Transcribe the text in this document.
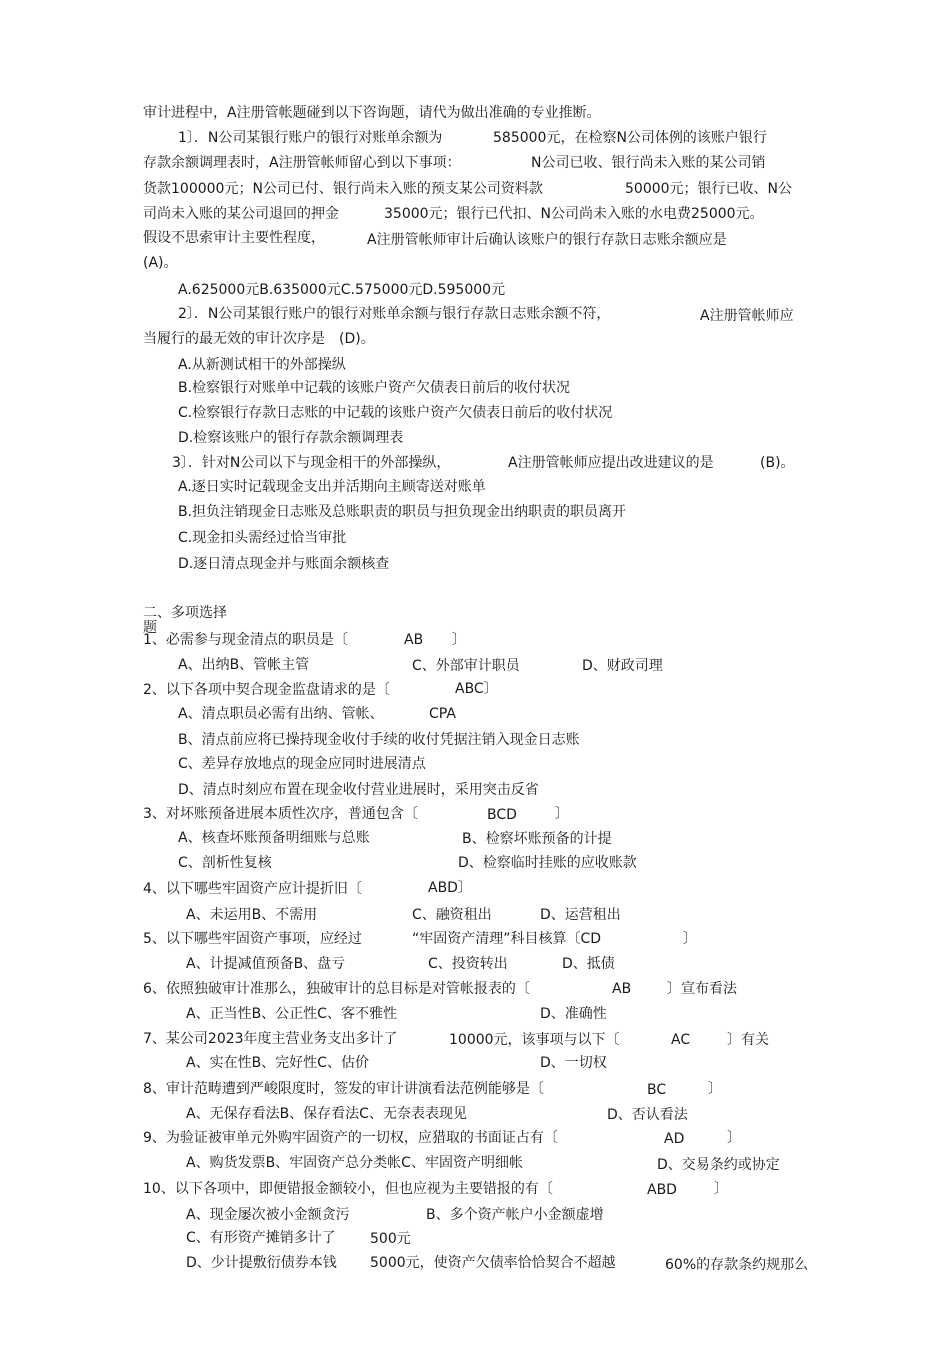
审计进程中，A注册管帐题碰到以下咨询题，请代为做出准确的专业推断。
1〕．N公司某银行账户的银行对账单余额为	585000元，在检察N公司体例的该账户银行
存款余额调理表时，A注册管帐师留心到以下事项：	N公司已收、银行尚未入账的某公司销
货款100000元；N公司已付、银行尚未入账的预支某公司资料款	50000元；银行已收、N公
司尚未入账的某公司退回的押金	35000元；银行已代扣、N公司尚未入账的水电费25000元。
假设不思索审计主要性程度，	A注册管帐师审计后确认该账户的银行存款日志账余额应是
(A)。
A.625000元B.635000元C.575000元D.595000元
2〕．N公司某银行账户的银行对账单余额与银行存款日志账余额不符，	A注册管帐师应
当履行的最无效的审计次序是　(D)。
A.从新测试相干的外部操纵
B.检察银行对账单中记载的该账户资产欠债表日前后的收付状况
C.检察银行存款日志账的中记载的该账户资产欠债表日前后的收付状况
D.检察该账户的银行存款余额调理表
3〕．针对N公司以下与现金相干的外部操纵，	A注册管帐师应提出改进建议的是	(B)。
A.逐日实时记载现金支出并活期向主顾寄送对账单
B.担负注销现金日志账及总账职责的职员与担负现金出纳职责的职员离开
C.现金扣头需经过恰当审批
D.逐日清点现金并与账面余额核查
二、多项选择
题
1、必需参与现金清点的职员是〔	AB 〕
A、出纳B、管帐主管	C、外部审计职员	D、财政司理
2、以下各项中契合现金监盘请求的是〔	ABC〕
A、清点职员必需有出纳、管帐、	CPA
B、清点前应将已操持现金收付手续的收付凭据注销入现金日志账
C、差异存放地点的现金应同时进展清点
D、清点时刻应布置在现金收付营业进展时，采用突击反省
3、对坏账预备进展本质性次序，普通包含〔	BCD	〕
A、核查坏账预备明细账与总账	B、检察坏账预备的计提
C、剖析性复核	D、检察临时挂账的应收账款
4、以下哪些牢固资产应计提折旧〔	ABD〕
A、未运用B、不需用	C、融资租出	D、运营租出
5、以下哪些牢固资产事项，应经过	“牢固资产清理”科目核算〔CD	〕
A、计提减值预备B、盘亏	C、投资转出	D、抵债
6、依照独破审计准那么，独破审计的总目标是对管帐报表的〔	AB	〕宣布看法
A、正当性B、公正性C、客不雅性	D、准确性
7、某公司2023年度主营业务支出多计了	10000元，该事项与以下〔	AC	〕有关
A、实在性B、完好性C、估价	D、一切权
8、审计范畴遭到严峻限度时，签发的审计讲演看法范例能够是〔	BC	〕
A、无保存看法B、保存看法C、无奈表表现见	D、否认看法
9、为验证被审单元外购牢固资产的一切权，应猎取的书面证占有〔	AD	〕
A、购货发票B、牢固资产总分类帐C、牢固资产明细帐	D、交易条约或协定
10、以下各项中，即便错报金额较小，但也应视为主要错报的有〔	ABD	〕
A、现金屡次被小金额贪污	B、多个资产帐户小金额虚增
C、有形资产摊销多计了 500元
D、少计提敷衍债券本钱 5000元，使资产欠债率恰恰契合不超越	60%的存款条约规那么
